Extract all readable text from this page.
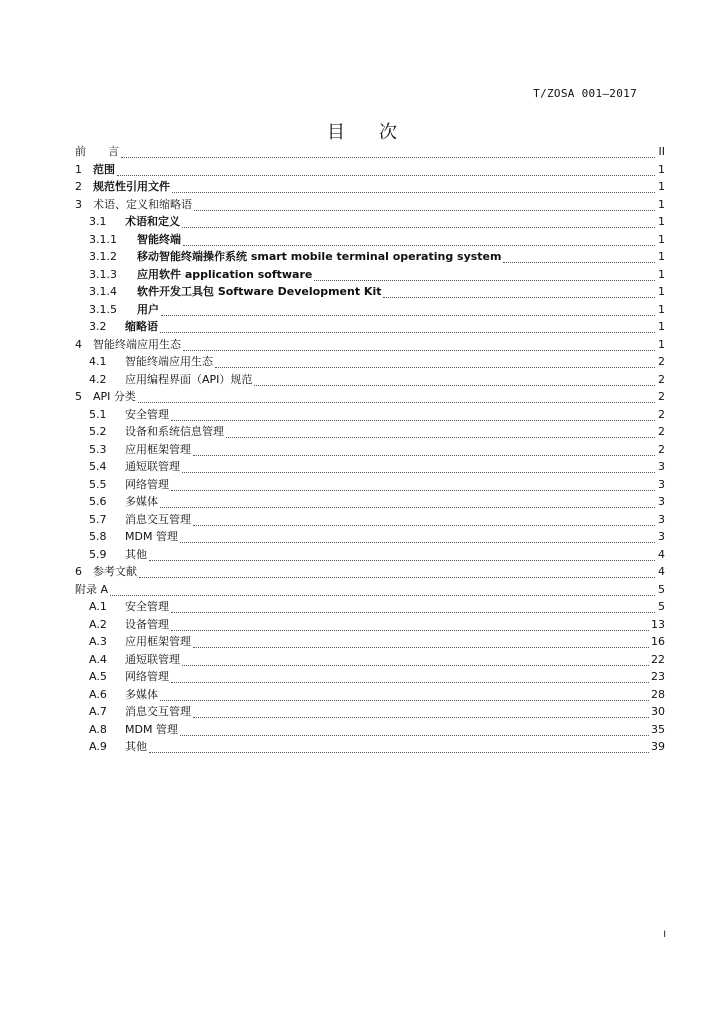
T/ZOSA 001—2017
目次
前　　言	II
1	范围	1
2	规范性引用文件	1
3	术语、定义和缩略语	1
3.1	术语和定义	1
3.1.1	智能终端	1
3.1.2	移动智能终端操作系统 smart mobile terminal operating system	1
3.1.3	应用软件 application software	1
3.1.4	软件开发工具包 Software Development Kit	1
3.1.5	用户	1
3.2	缩略语	1
4	智能终端应用生态	1
4.1	智能终端应用生态	2
4.2	应用编程界面（API）规范	2
5	API 分类	2
5.1	安全管理	2
5.2	设备和系统信息管理	2
5.3	应用框架管理	2
5.4	通短联管理	3
5.5	网络管理	3
5.6	多媒体	3
5.7	消息交互管理	3
5.8	MDM 管理	3
5.9	其他	4
6	参考文献	4
附录 A	5
A.1	安全管理	5
A.2	设备管理	13
A.3	应用框架管理	16
A.4	通短联管理	22
A.5	网络管理	23
A.6	多媒体	28
A.7	消息交互管理	30
A.8	MDM 管理	35
A.9	其他	39
I
